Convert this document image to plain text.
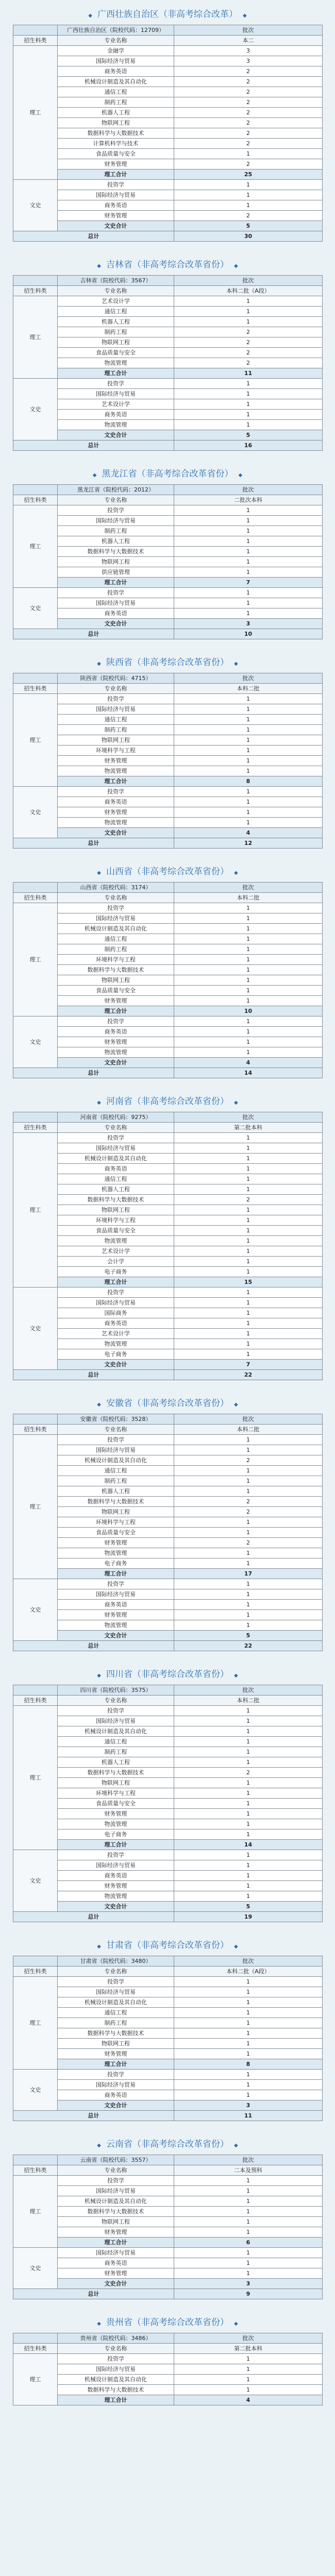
◆ 广西壮族自治区（非高考综合改革） ◆
	广西壮族自治区（院校代码：12709）	批次
招生科类	专业名称	本二
理工	金融学	3
	国际经济与贸易	3
	商务英语	2
	机械设计制造及其自动化	2
	通信工程	2
	制药工程	2
	机器人工程	2
	物联网工程	2
	数据科学与大数据技术	2
	计算机科学与技术	2
	食品质量与安全	1
	财务管理	2
	理工合计	25
文史	投资学	1
	国际经济与贸易	1
	商务英语	1
	财务管理	2
	文史合计	5
总计		30
◆ 吉林省（非高考综合改革省份） ◆
	吉林省（院校代码：3567）	批次
招生科类	专业名称	本科二批（A段）
理工	艺术设计学	1
	通信工程	1
	机器人工程	1
	制药工程	2
	物联网工程	2
	食品质量与安全	2
	物流管理	2
	理工合计	11
文史	投资学	1
	国际经济与贸易	1
	艺术设计学	1
	商务英语	1
	物流管理	1
	文史合计	5
总计		16
◆ 黑龙江省（非高考综合改革省份） ◆
	黑龙江省（院校代码：2012）	批次
招生科类	专业名称	二批次本科
理工	投资学	1
	国际经济与贸易	1
	制药工程	1
	机器人工程	1
	数据科学与大数据技术	1
	物联网工程	1
	供应链管理	1
	理工合计	7
文史	投资学	1
	国际经济与贸易	1
	商务英语	1
	文史合计	3
总计		10
◆ 陕西省（非高考综合改革省份） ◆
	陕西省（院校代码：4715）	批次
招生科类	专业名称	本科二批
理工	投资学	1
	国际经济与贸易	1
	通信工程	1
	制药工程	1
	物联网工程	1
	环境科学与工程	1
	财务管理	1
	物流管理	1
	理工合计	8
文史	投资学	1
	商务英语	1
	财务管理	1
	物流管理	1
	文史合计	4
总计		12
◆ 山西省（非高考综合改革省份） ◆
	山西省（院校代码：3174）	批次
招生科类	专业名称	本科二批
理工	投资学	1
	国际经济与贸易	1
	机械设计制造及其自动化	1
	通信工程	1
	制药工程	1
	环境科学与工程	1
	数据科学与大数据技术	1
	物联网工程	1
	食品质量与安全	1
	财务管理	1
	理工合计	10
文史	投资学	1
	商务英语	1
	财务管理	1
	物流管理	1
	文史合计	4
总计		14
◆ 河南省（非高考综合改革省份） ◆
	河南省（院校代码：9275）	批次
招生科类	专业名称	第二批本科
理工	投资学	1
	国际经济与贸易	1
	机械设计制造及其自动化	1
	商务英语	1
	通信工程	1
	机器人工程	1
	数据科学与大数据技术	2
	物联网工程	1
	环境科学与工程	1
	食品质量与安全	1
	物流管理	1
	艺术设计学	1
	会计学	1
	电子商务	1
	理工合计	15
文史	投资学	1
	国际经济与贸易	1
	国际商务	1
	商务英语	1
	艺术设计学	1
	物流管理	1
	电子商务	1
	文史合计	7
总计		22
◆ 安徽省（非高考综合改革省份） ◆
	安徽省（院校代码：3528）	批次
招生科类	专业名称	本科二批
理工	投资学	1
	国际经济与贸易	1
	机械设计制造及其自动化	2
	通信工程	1
	制药工程	1
	机器人工程	1
	数据科学与大数据技术	2
	物联网工程	2
	环境科学与工程	1
	食品质量与安全	1
	财务管理	2
	物流管理	1
	电子商务	1
	理工合计	17
文史	投资学	1
	国际经济与贸易	1
	商务英语	1
	财务管理	1
	物流管理	1
	文史合计	5
总计		22
◆ 四川省（非高考综合改革省份） ◆
	四川省（院校代码：3575）	批次
招生科类	专业名称	本科二批
理工	投资学	1
	国际经济与贸易	1
	机械设计制造及其自动化	1
	通信工程	1
	制药工程	1
	机器人工程	1
	数据科学与大数据技术	2
	物联网工程	1
	环境科学与工程	1
	食品质量与安全	1
	财务管理	1
	物流管理	1
	电子商务	1
	理工合计	14
文史	投资学	1
	国际经济与贸易	1
	商务英语	1
	财务管理	1
	物流管理	1
	文史合计	5
总计		19
◆ 甘肃省（非高考综合改革省份） ◆
	甘肃省（院校代码：3480）	批次
招生科类	专业名称	本科二批（A段）
理工	投资学	1
	国际经济与贸易	1
	机械设计制造及其自动化	1
	通信工程	1
	制药工程	1
	数据科学与大数据技术	1
	物联网工程	1
	财务管理	1
	理工合计	8
文史	投资学	1
	国际经济与贸易	1
	商务英语	1
	文史合计	3
总计		11
◆ 云南省（非高考综合改革省份） ◆
	云南省（院校代码：3557）	批次
招生科类	专业名称	二本及预科
理工	投资学	1
	国际经济与贸易	1
	机械设计制造及其自动化	1
	数据科学与大数据技术	1
	物联网工程	1
	财务管理	1
	理工合计	6
文史	国际经济与贸易	1
	商务英语	1
	财务管理	1
	文史合计	3
总计		9
◆ 贵州省（非高考综合改革省份） ◆
	贵州省（院校代码：3486）	批次
招生科类	专业名称	第二批本科
理工	投资学	1
	国际经济与贸易	1
	机械设计制造及其自动化	1
	数据科学与大数据技术	1
	理工合计	4
